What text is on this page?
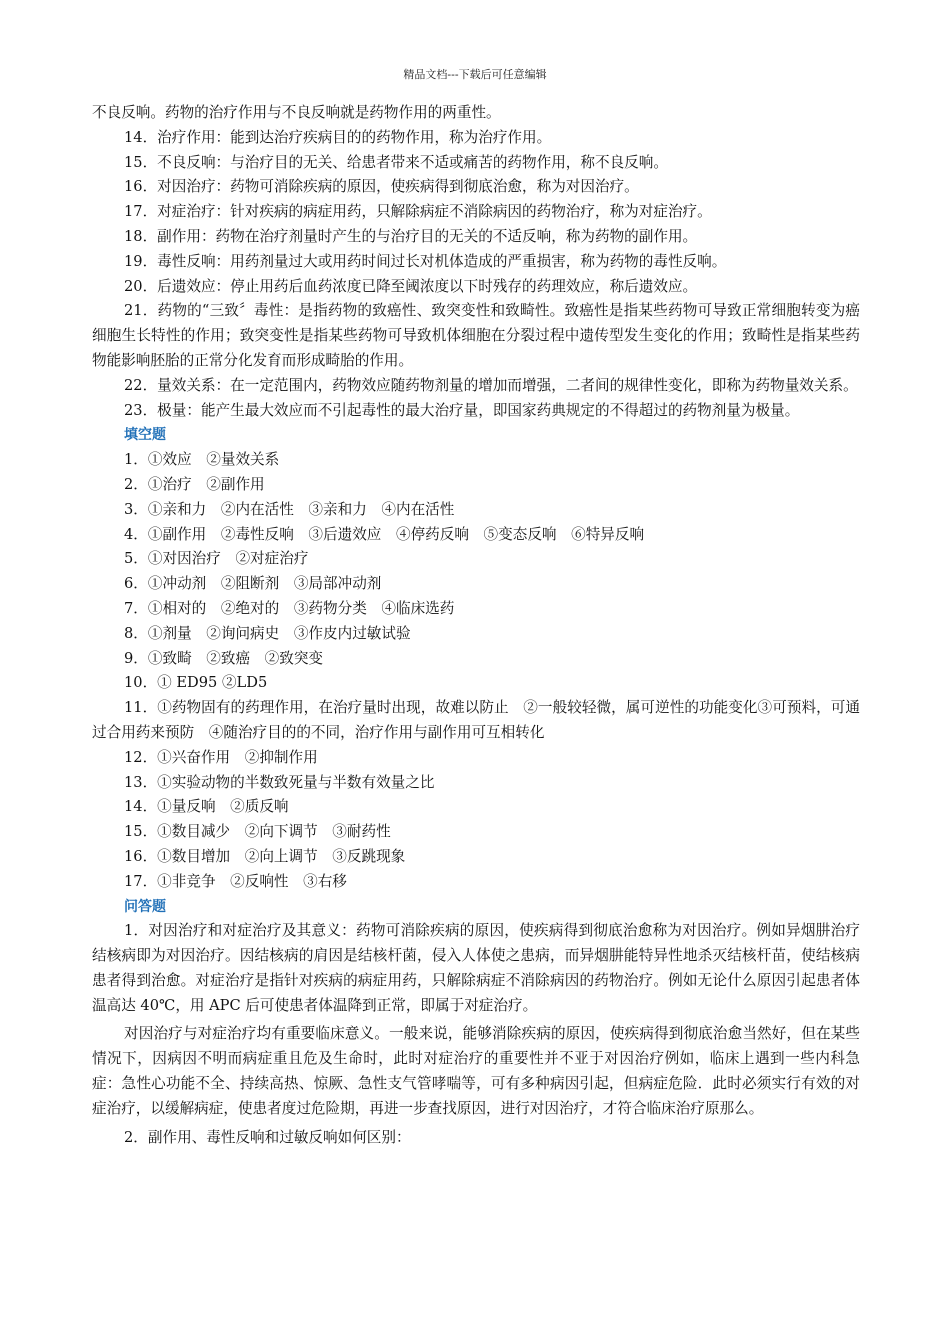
精品文档---下载后可任意编辑

不良反响。药物的治疗作用与不良反响就是药物作用的两重性。

14．治疗作用：能到达治疗疾病目的的药物作用，称为治疗作用。

15．不良反响：与治疗目的无关、给患者带来不适或痛苦的药物作用，称不良反响。

16．对因治疗：药物可消除疾病的原因，使疾病得到彻底治愈，称为对因治疗。

17．对症治疗：针对疾病的病症用药，只解除病症不消除病因的药物治疗，称为对症治疗。

18．副作用：药物在治疗剂量时产生的与治疗目的无关的不适反响，称为药物的副作用。

19．毒性反响：用药剂量过大或用药时间过长对机体造成的严重损害，称为药物的毒性反响。

20．后遗效应：停止用药后血药浓度已降至阈浓度以下时残存的药理效应，称后遗效应。

21．药物的“三致〞毒性：是指药物的致癌性、致突变性和致畸性。致癌性是指某些药物可导致正常细胞转变为癌细胞生长特性的作用；致突变性是指某些药物可导致机体细胞在分裂过程中遗传型发生变化的作用；致畸性是指某些药物能影响胚胎的正常分化发育而形成畸胎的作用。

22．量效关系：在一定范围内，药物效应随药物剂量的增加而增强，二者间的规律性变化，即称为药物量效关系。

23．极量：能产生最大效应而不引起毒性的最大治疗量，即国家药典规定的不得超过的药物剂量为极量。

填空题

1．①效应　②量效关系

2．①治疗　②副作用

3．①亲和力　②内在活性　③亲和力　④内在活性

4．①副作用　②毒性反响　③后遗效应　④停药反响　⑤变态反响　⑥特异反响

5．①对因治疗　②对症治疗

6．①冲动剂　②阻断剂　③局部冲动剂

7．①相对的　②绝对的　③药物分类　④临床选药

8．①剂量　②询问病史　③作皮内过敏试验

9．①致畸　②致癌　②致突变

10．① ED95 ②LD5

11．①药物固有的药理作用，在治疗量时出现，故难以防止　②一般较轻微，属可逆性的功能变化③可预料，可通过合用药来预防　④随治疗目的的不同，治疗作用与副作用可互相转化

12．①兴奋作用　②抑制作用

13．①实验动物的半数致死量与半数有效量之比

14．①量反响　②质反响

15．①数目减少　②向下调节　③耐药性

16．①数目增加　②向上调节　③反跳现象

17．①非竞争　②反响性　③右移

问答题

1．对因治疗和对症治疗及其意义：药物可消除疾病的原因，使疾病得到彻底治愈称为对因治疗。例如异烟肼治疗结核病即为对因治疗。因结核病的肩因是结核杆菌，侵入人体使之患病，而异烟肼能特异性地杀灭结核杆苗，使结核病患者得到治愈。对症治疗是指针对疾病的病症用药，只解除病症不消除病因的药物治疗。例如无论什么原因引起患者体温高达 40℃，用 APC 后可使患者体温降到正常，即属于对症治疗。

对因治疗与对症治疗均有重要临床意义。一般来说，能够消除疾病的原因，使疾病得到彻底治愈当然好，但在某些情况下，因病因不明而病症重且危及生命时，此时对症治疗的重要性并不亚于对因治疗例如，临床上遇到一些内科急症：急性心功能不全、持续高热、惊厥、急性支气管哮喘等，可有多种病因引起，但病症危险．此时必须实行有效的对症治疗，以缓解病症，使患者度过危险期，再进一步查找原因，进行对因治疗，才符合临床治疗原那么。

2．副作用、毒性反响和过敏反响如何区别：
